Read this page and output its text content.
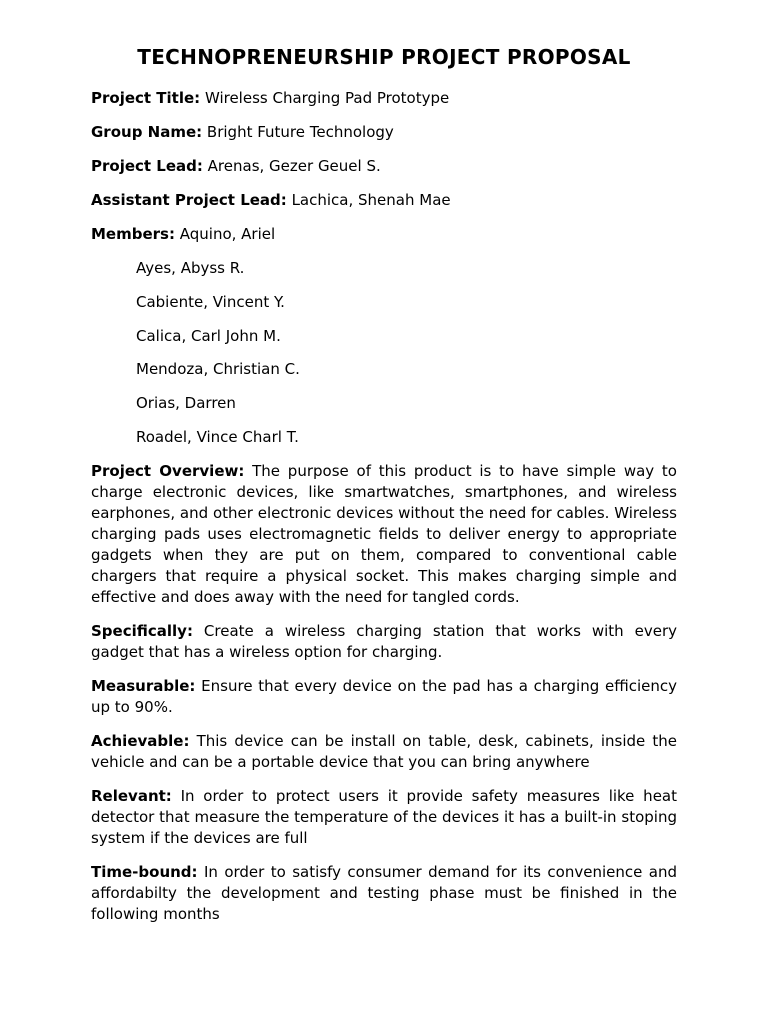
TECHNOPRENEURSHIP PROJECT PROPOSAL
Project Title: Wireless Charging Pad Prototype
Group Name: Bright Future Technology
Project Lead: Arenas, Gezer Geuel S.
Assistant Project Lead: Lachica, Shenah Mae
Members: Aquino, Ariel
Ayes, Abyss R.
Cabiente, Vincent Y.
Calica, Carl John M.
Mendoza, Christian C.
Orias, Darren
Roadel, Vince Charl T.

Project Overview: The purpose of this product is to have simple way to charge electronic devices, like smartwatches, smartphones, and wireless earphones, and other electronic devices without the need for cables. Wireless charging pads uses electromagnetic fields to deliver energy to appropriate gadgets when they are put on them, compared to conventional cable chargers that require a physical socket. This makes charging simple and effective and does away with the need for tangled cords.

Specifically: Create a wireless charging station that works with every gadget that has a wireless option for charging.

Measurable: Ensure that every device on the pad has a charging efficiency up to 90%.

Achievable: This device can be install on table, desk, cabinets, inside the vehicle and can be a portable device that you can bring anywhere

Relevant: In order to protect users it provide safety measures like heat detector that measure the temperature of the devices it has a built-in stoping system if the devices are full

Time-bound: In order to satisfy consumer demand for its convenience and affordabilty the development and testing phase must be finished in the following months
